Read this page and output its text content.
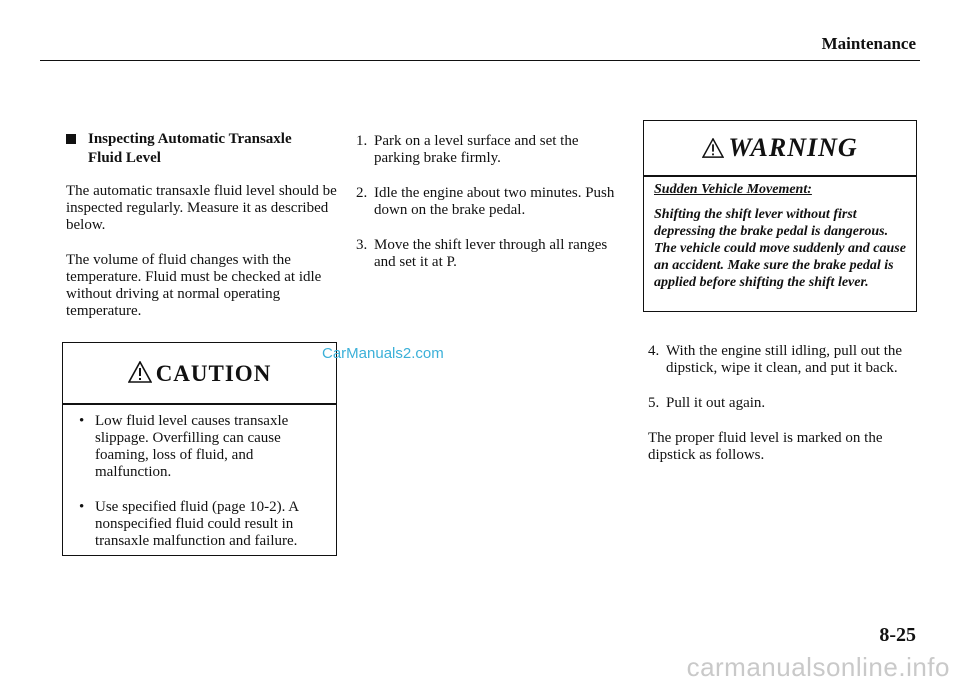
Maintenance
Inspecting Automatic Transaxle Fluid Level

The automatic transaxle fluid level should be inspected regularly. Measure it as described below.

The volume of fluid changes with the temperature. Fluid must be checked at idle without driving at normal operating temperature.

CAUTION
• Low fluid level causes transaxle slippage. Overfilling can cause foaming, loss of fluid, and malfunction.
• Use specified fluid (page 10-2). A nonspecified fluid could result in transaxle malfunction and failure.
1. Park on a level surface and set the parking brake firmly.
2. Idle the engine about two minutes. Push down on the brake pedal.
3. Move the shift lever through all ranges and set it at P.
WARNING
Sudden Vehicle Movement:
Shifting the shift lever without first depressing the brake pedal is dangerous. The vehicle could move suddenly and cause an accident. Make sure the brake pedal is applied before shifting the shift lever.
4. With the engine still idling, pull out the dipstick, wipe it clean, and put it back.
5. Pull it out again.

The proper fluid level is marked on the dipstick as follows.

CarManuals2.com
8-25
carmanualsonline.info
